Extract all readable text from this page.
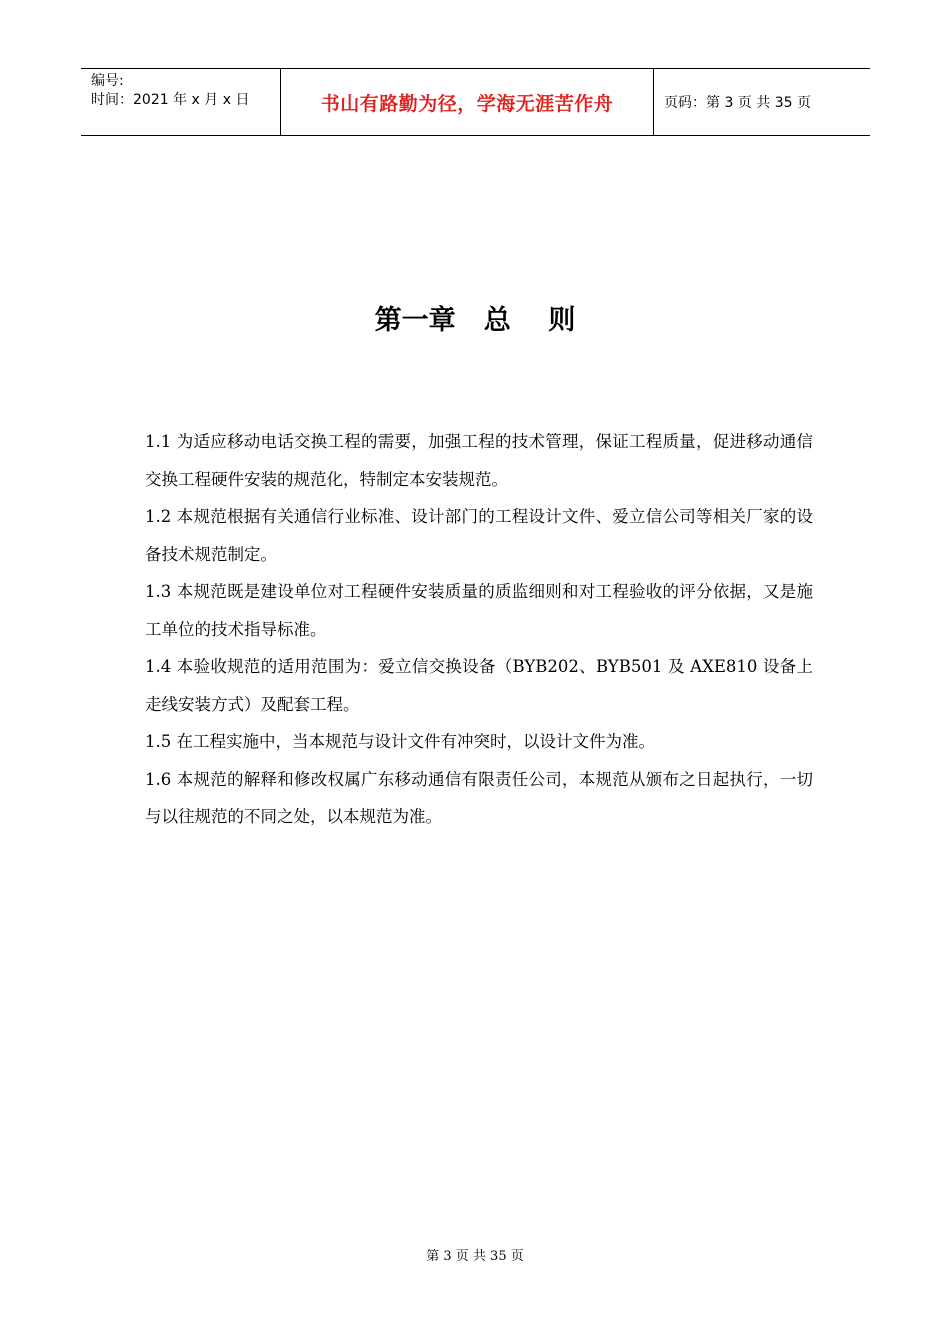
编号:
时间：2021 年 x 月 x 日	书山有路勤为径，学海无涯苦作舟	页码：第 3 页 共 35 页
第一章   总    则

1.1 为适应移动电话交换工程的需要，加强工程的技术管理，保证工程质量，促进移动通信交换工程硬件安装的规范化，特制定本安装规范。

1.2 本规范根据有关通信行业标准、设计部门的工程设计文件、爱立信公司等相关厂家的设备技术规范制定。

1.3 本规范既是建设单位对工程硬件安装质量的质监细则和对工程验收的评分依据，又是施工单位的技术指导标准。

1.4 本验收规范的适用范围为：爱立信交换设备（BYB202、BYB501 及 AXE810 设备上走线安装方式）及配套工程。

1.5 在工程实施中，当本规范与设计文件有冲突时，以设计文件为准。

1.6 本规范的解释和修改权属广东移动通信有限责任公司，本规范从颁布之日起执行，一切与以往规范的不同之处，以本规范为准。

第 3 页 共 35 页
